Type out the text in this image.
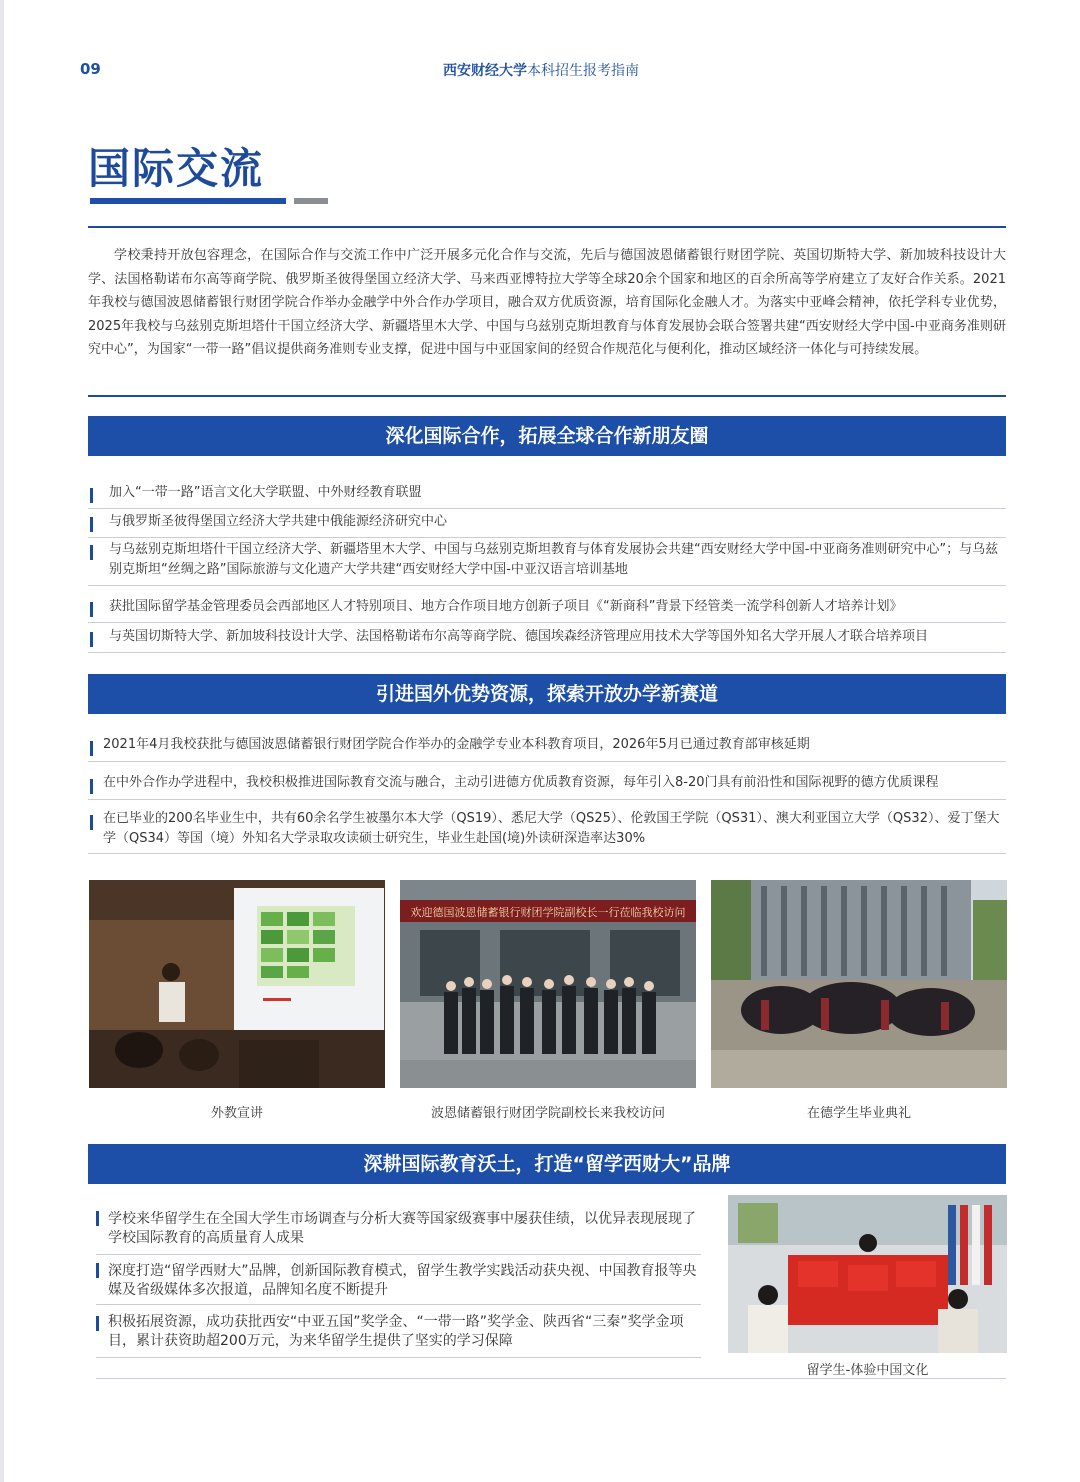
09	西安财经大学本科招生报考指南
国际交流

学校秉持开放包容理念，在国际合作与交流工作中广泛开展多元化合作与交流，先后与德国波恩储蓄银行财团学院、英国切斯特大学、新加坡科技设计大学、法国格勒诺布尔高等商学院、俄罗斯圣彼得堡国立经济大学、马来西亚博特拉大学等全球20余个国家和地区的百余所高等学府建立了友好合作关系。2021年我校与德国波恩储蓄银行财团学院合作举办金融学中外合作办学项目，融合双方优质资源，培育国际化金融人才。为落实中亚峰会精神，依托学科专业优势，2025年我校与乌兹别克斯坦塔什干国立经济大学、新疆塔里木大学、中国与乌兹别克斯坦教育与体育发展协会联合签署共建“西安财经大学中国-中亚商务准则研究中心”，为国家“一带一路”倡议提供商务准则专业支撑，促进中国与中亚国家间的经贸合作规范化与便利化，推动区域经济一体化与可持续发展。

深化国际合作，拓展全球合作新朋友圈
加入“一带一路”语言文化大学联盟、中外财经教育联盟
与俄罗斯圣彼得堡国立经济大学共建中俄能源经济研究中心
与乌兹别克斯坦塔什干国立经济大学、新疆塔里木大学、中国与乌兹别克斯坦教育与体育发展协会共建“西安财经大学中国-中亚商务准则研究中心”；与乌兹别克斯坦“丝绸之路”国际旅游与文化遗产大学共建“西安财经大学中国-中亚汉语言培训基地
获批国际留学基金管理委员会西部地区人才特别项目、地方合作项目地方创新子项目《“新商科”背景下经管类一流学科创新人才培养计划》
与英国切斯特大学、新加坡科技设计大学、法国格勒诺布尔高等商学院、德国埃森经济管理应用技术大学等国外知名大学开展人才联合培养项目
引进国外优势资源，探索开放办学新赛道
2021年4月我校获批与德国波恩储蓄银行财团学院合作举办的金融学专业本科教育项目，2026年5月已通过教育部审核延期
在中外合作办学进程中，我校积极推进国际教育交流与融合，主动引进德方优质教育资源，每年引入8-20门具有前沿性和国际视野的德方优质课程
在已毕业的200名毕业生中，共有60余名学生被墨尔本大学（QS19）、悉尼大学（QS25）、伦敦国王学院（QS31）、澳大利亚国立大学（QS32）、爱丁堡大学（QS34）等国（境）外知名大学录取攻读硕士研究生，毕业生赴国(境)外读研深造率达30%
欢迎德国波恩储蓄银行财团学院副校长一行莅临我校访问
外教宣讲	波恩储蓄银行财团学院副校长来我校访问	在德学生毕业典礼
深耕国际教育沃土，打造“留学西财大”品牌
学校来华留学生在全国大学生市场调查与分析大赛等国家级赛事中屡获佳绩，以优异表现展现了学校国际教育的高质量育人成果
深度打造“留学西财大”品牌，创新国际教育模式，留学生教学实践活动获央视、中国教育报等央媒及省级媒体多次报道，品牌知名度不断提升
积极拓展资源，成功获批西安“中亚五国”奖学金、“一带一路”奖学金、陕西省“三秦”奖学金项目，累计获资助超200万元，为来华留学生提供了坚实的学习保障
留学生-体验中国文化
